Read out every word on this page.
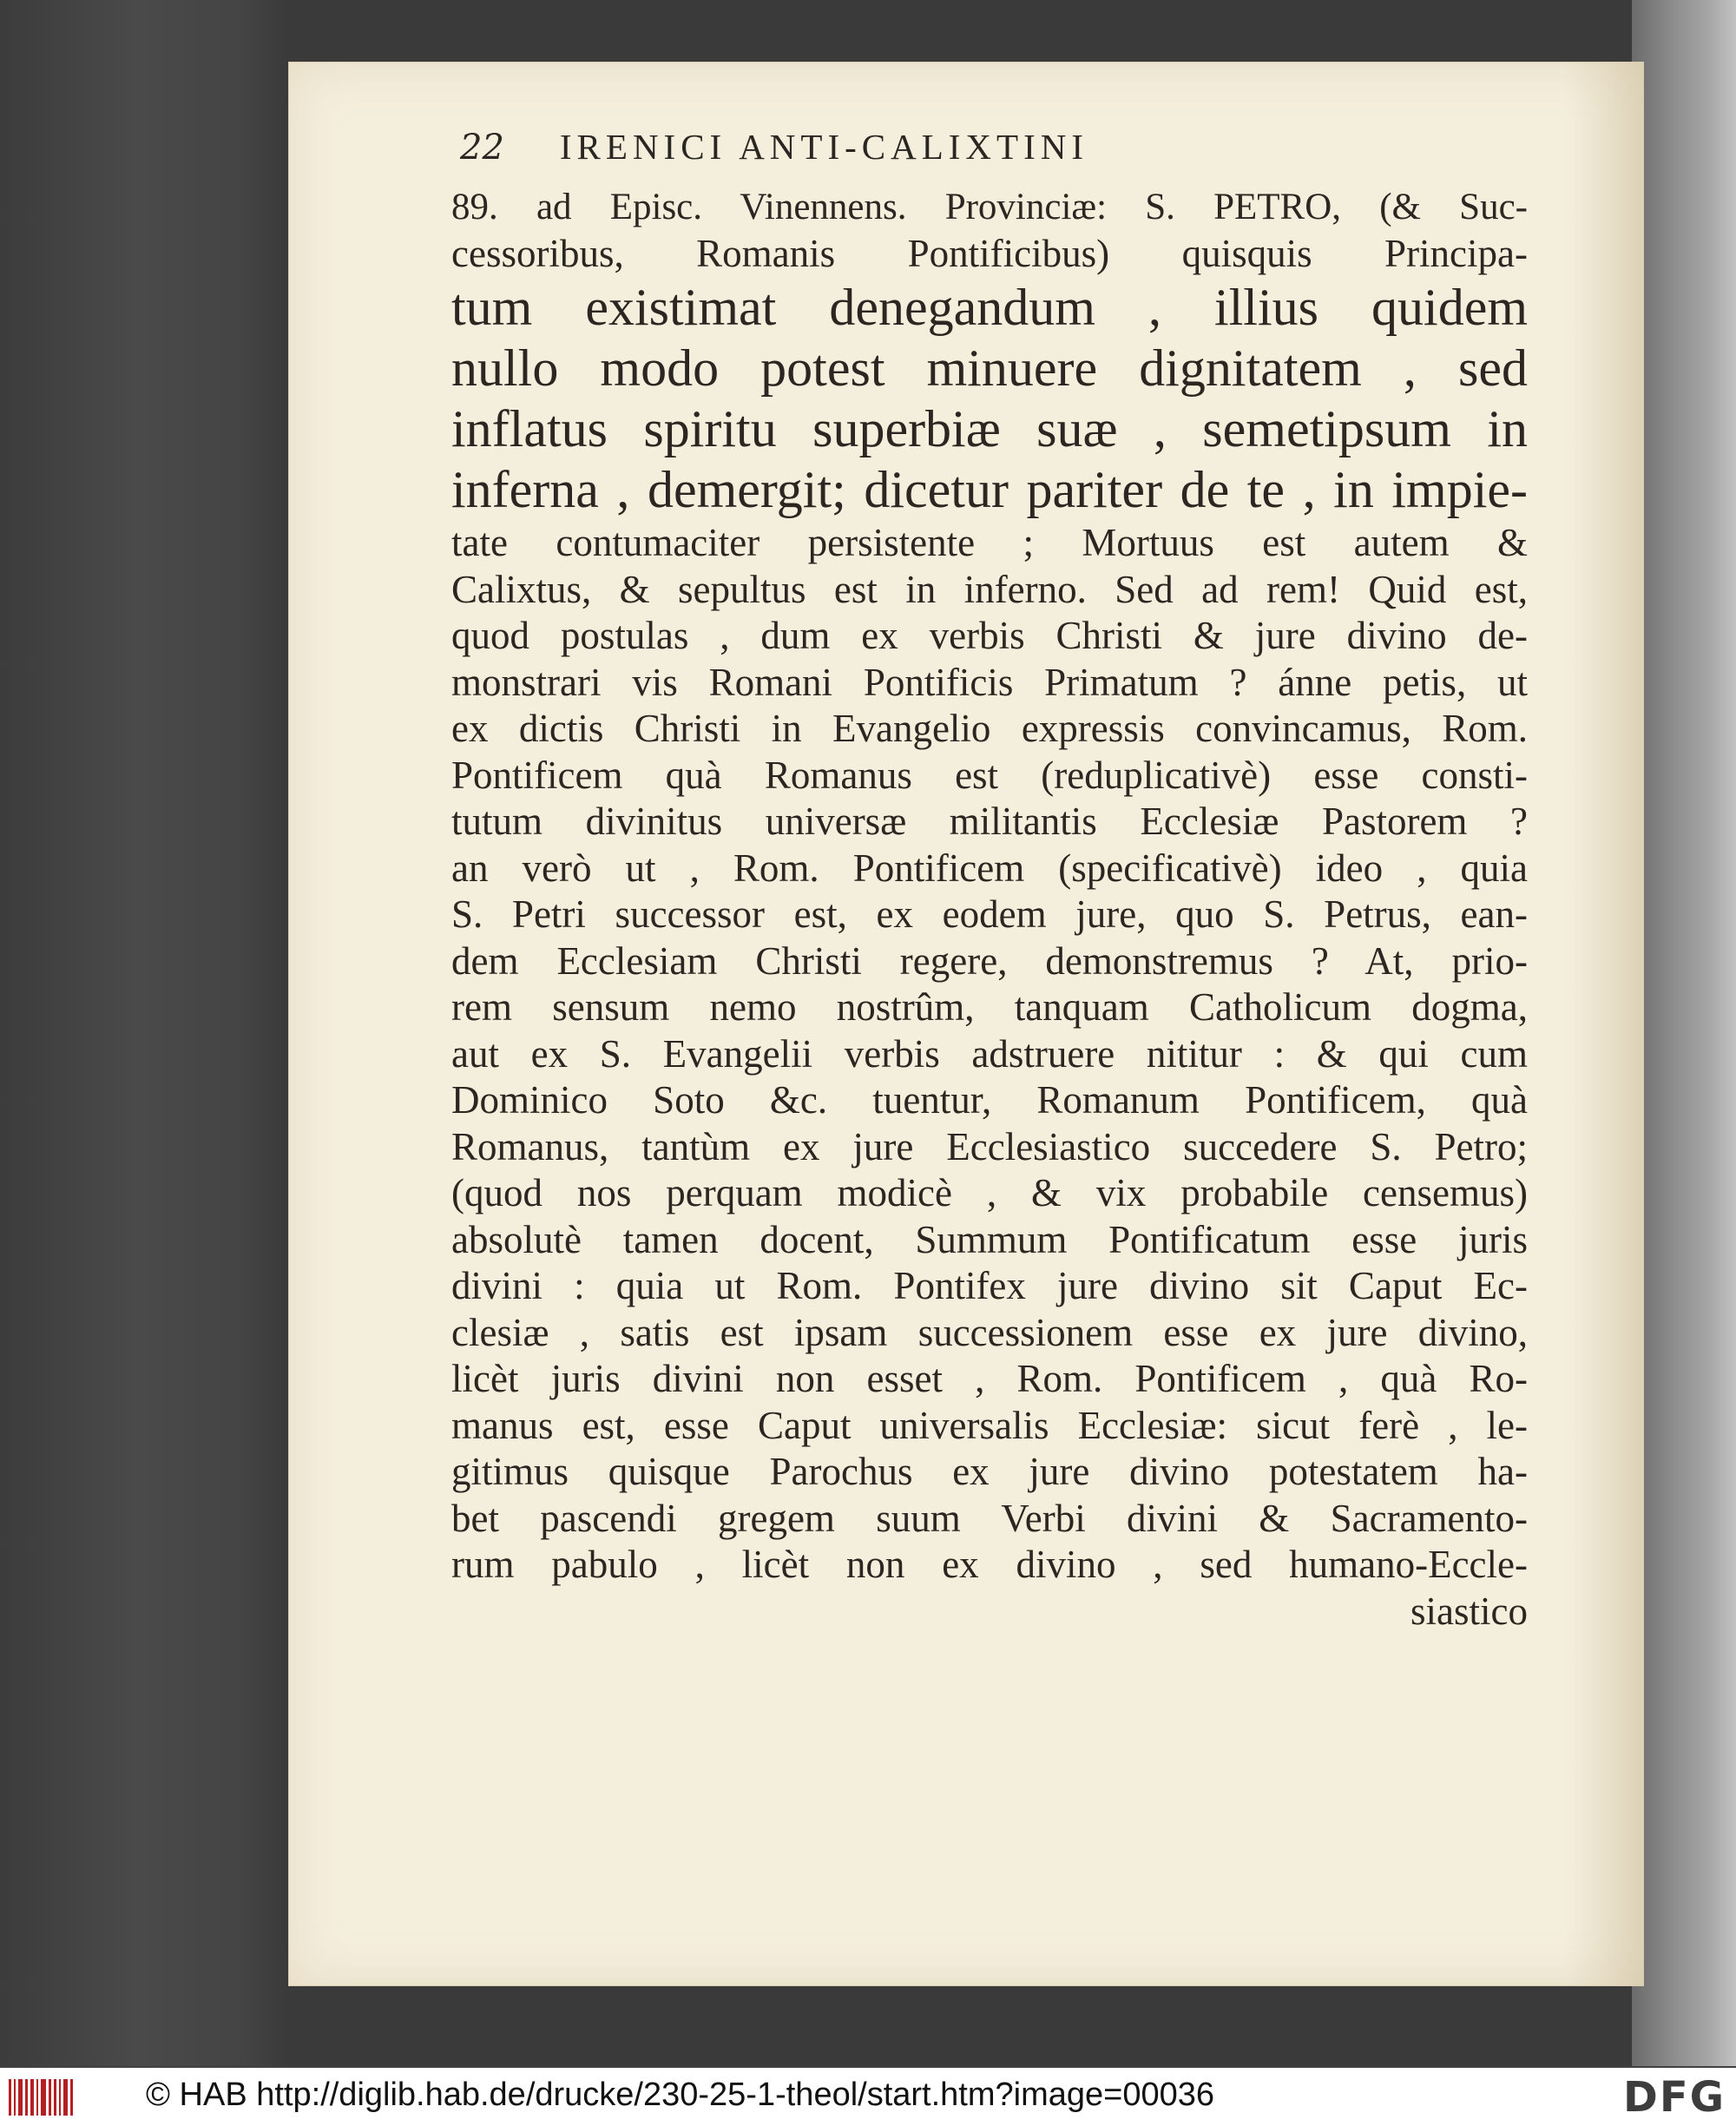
22 IRENICI ANTI-CALIXTINI
89. ad Episc. Vinennens. Provinciæ: S. PETRO, (& Suc-
cessoribus, Romanis Pontificibus) quisquis Principa-
tum existimat denegandum , illius quidem
nullo modo potest minuere dignitatem , sed
inflatus spiritu superbiæ suæ , semetipsum in
inferna , demergit; dicetur pariter de te , in impie-
tate contumaciter persistente ; Mortuus est autem &
Calixtus, & sepultus est in inferno. Sed ad rem! Quid est,
quod postulas , dum ex verbis Christi & jure divino de-
monstrari vis Romani Pontificis Primatum ? ánne petis, ut
ex dictis Christi in Evangelio expressis convincamus, Rom.
Pontificem quà Romanus est (reduplicativè) esse consti-
tutum divinitus universæ militantis Ecclesiæ Pastorem ?
an verò ut , Rom. Pontificem (specificativè) ideo , quia
S. Petri successor est, ex eodem jure, quo S. Petrus, ean-
dem Ecclesiam Christi regere, demonstremus ? At, prio-
rem sensum nemo nostrûm, tanquam Catholicum dogma,
aut ex S. Evangelii verbis adstruere nititur : & qui cum
Dominico Soto &c. tuentur, Romanum Pontificem, quà
Romanus, tantùm ex jure Ecclesiastico succedere S. Petro;
(quod nos perquam modicè , & vix probabile censemus)
absolutè tamen docent, Summum Pontificatum esse juris
divini : quia ut Rom. Pontifex jure divino sit Caput Ec-
clesiæ , satis est ipsam successionem esse ex jure divino,
licèt juris divini non esset , Rom. Pontificem , quà Ro-
manus est, esse Caput universalis Ecclesiæ: sicut ferè , le-
gitimus quisque Parochus ex jure divino potestatem ha-
bet pascendi gregem suum Verbi divini & Sacramento-
rum pabulo , licèt non ex divino , sed humano-Eccle-
siastico
© HAB http://diglib.hab.de/drucke/230-25-1-theol/start.htm?image=00036	DFG
